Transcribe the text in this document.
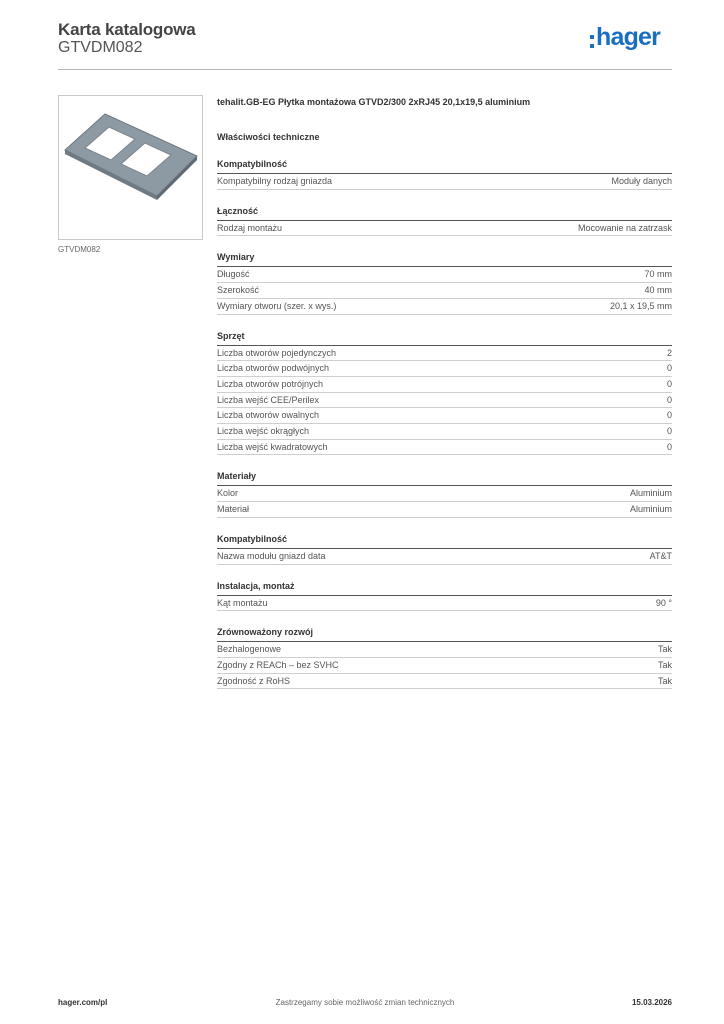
Karta katalogowa
GTVDM082	hager
GTVDM082
tehalit.GB-EG Płytka montażowa GTVD2/300 2xRJ45 20,1x19,5 aluminium
Właściwości techniczne
Kompatybilność
Kompatybilny rodzaj gniazda	Moduły danych
Łączność
Rodzaj montażu	Mocowanie na zatrzask
Wymiary
Długość	70 mm
Szerokość	40 mm
Wymiary otworu (szer. x wys.)	20,1 x 19,5 mm
Sprzęt
Liczba otworów pojedynczych	2
Liczba otworów podwójnych	0
Liczba otworów potrójnych	0
Liczba wejść CEE/Perilex	0
Liczba otworów owalnych	0
Liczba wejść okrągłych	0
Liczba wejść kwadratowych	0
Materiały
Kolor	Aluminium
Materiał	Aluminium
Kompatybilność
Nazwa modułu gniazd data	AT&T
Instalacja, montaż
Kąt montażu	90 °
Zrównoważony rozwój
Bezhalogenowe	Tak
Zgodny z REACh – bez SVHC	Tak
Zgodność z RoHS	Tak
Zastrzegamy sobie możliwość zmian technicznych
hager.com/pl	15.03.2026
